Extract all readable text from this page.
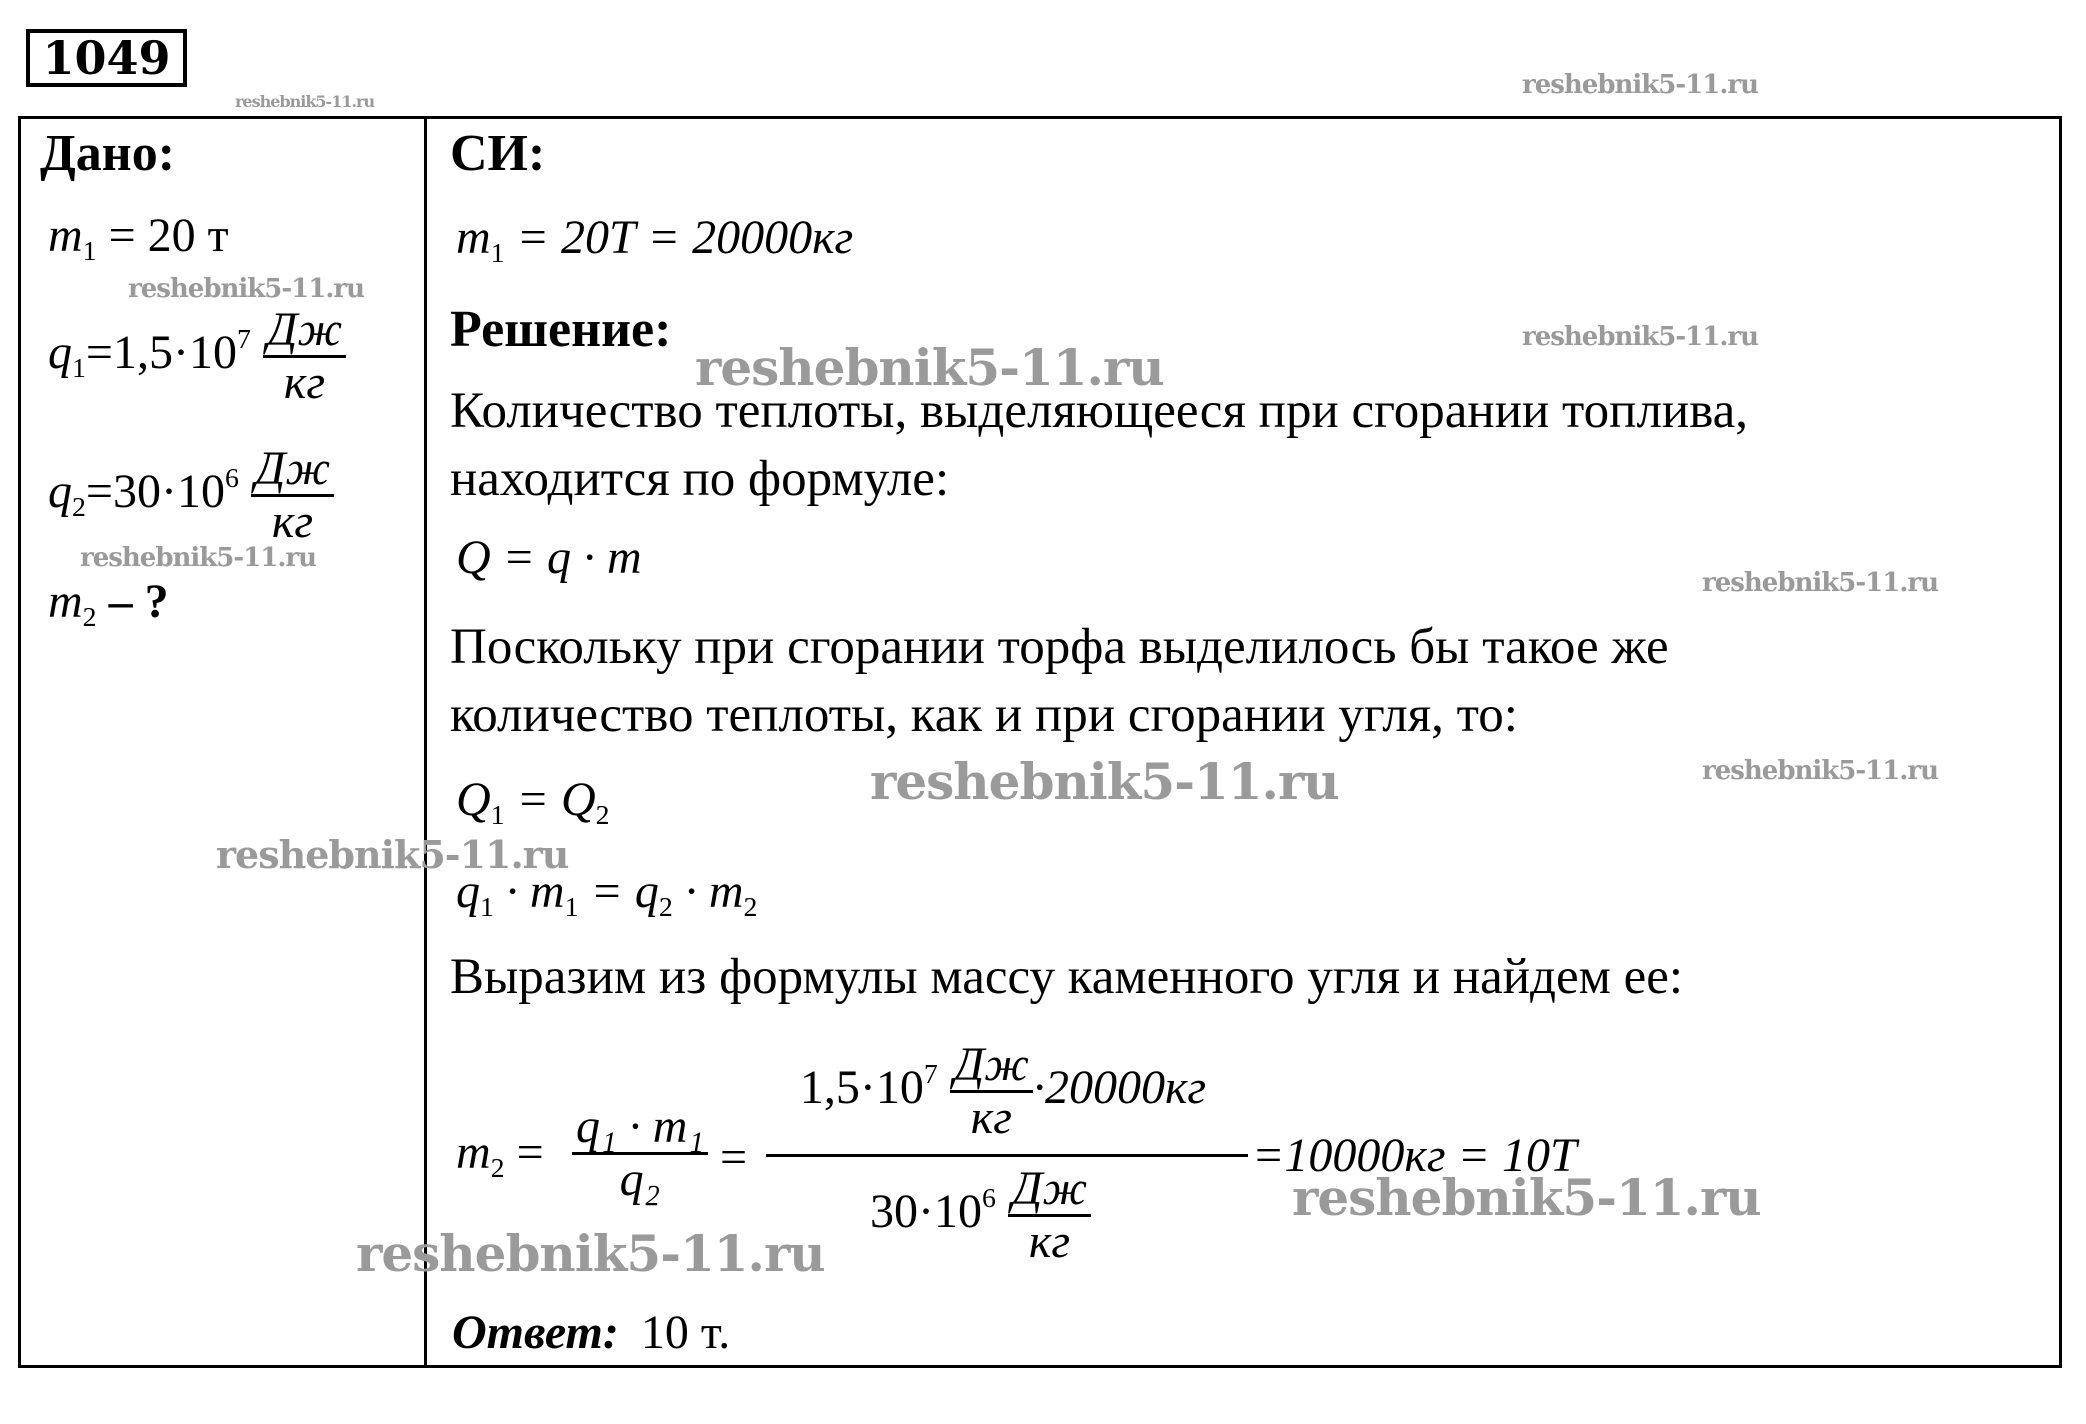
1049
reshebnik5-11.ru
reshebnik5-11.ru
reshebnik5-11.ru
reshebnik5-11.ru
reshebnik5-11.ru
reshebnik5-11.ru
reshebnik5-11.ru
reshebnik5-11.ru	reshebnik5-11.ru
reshebnik5-11.ru
reshebnik5-11.ru
reshebnik5-11.ru
Дано:
$m_1 = 20$ т
$q_1=1,5\cdot 10^7 \frac{Дж}{кг}$
$q_2=30\cdot 10^6 \frac{Дж}{кг}$
$m_2$ – ?
СИ:
$m_1 = 20Т = 20000кг$
Решение:
Количество теплоты, выделяющееся при сгорании топлива,
находится по формуле:
Q = q · m
Поскольку при сгорании торфа выделилось бы такое же
количество теплоты, как и при сгорании угля, то:
$Q_1 = Q_2$
$q_1 \cdot m_1 = q_2 \cdot m_2$
Выразим из формулы массу каменного угля и найдем ее:
$m_2 = \frac{\text{q₁ · m₁}}{\text{q₂}}$ =
$1,5\cdot 10^7 \frac{Дж}{кг} \cdot 20000кг$
$30\cdot 10^6 \frac{Дж}{кг}$
=10000кг = 10Т
Ответ: 10 т.
